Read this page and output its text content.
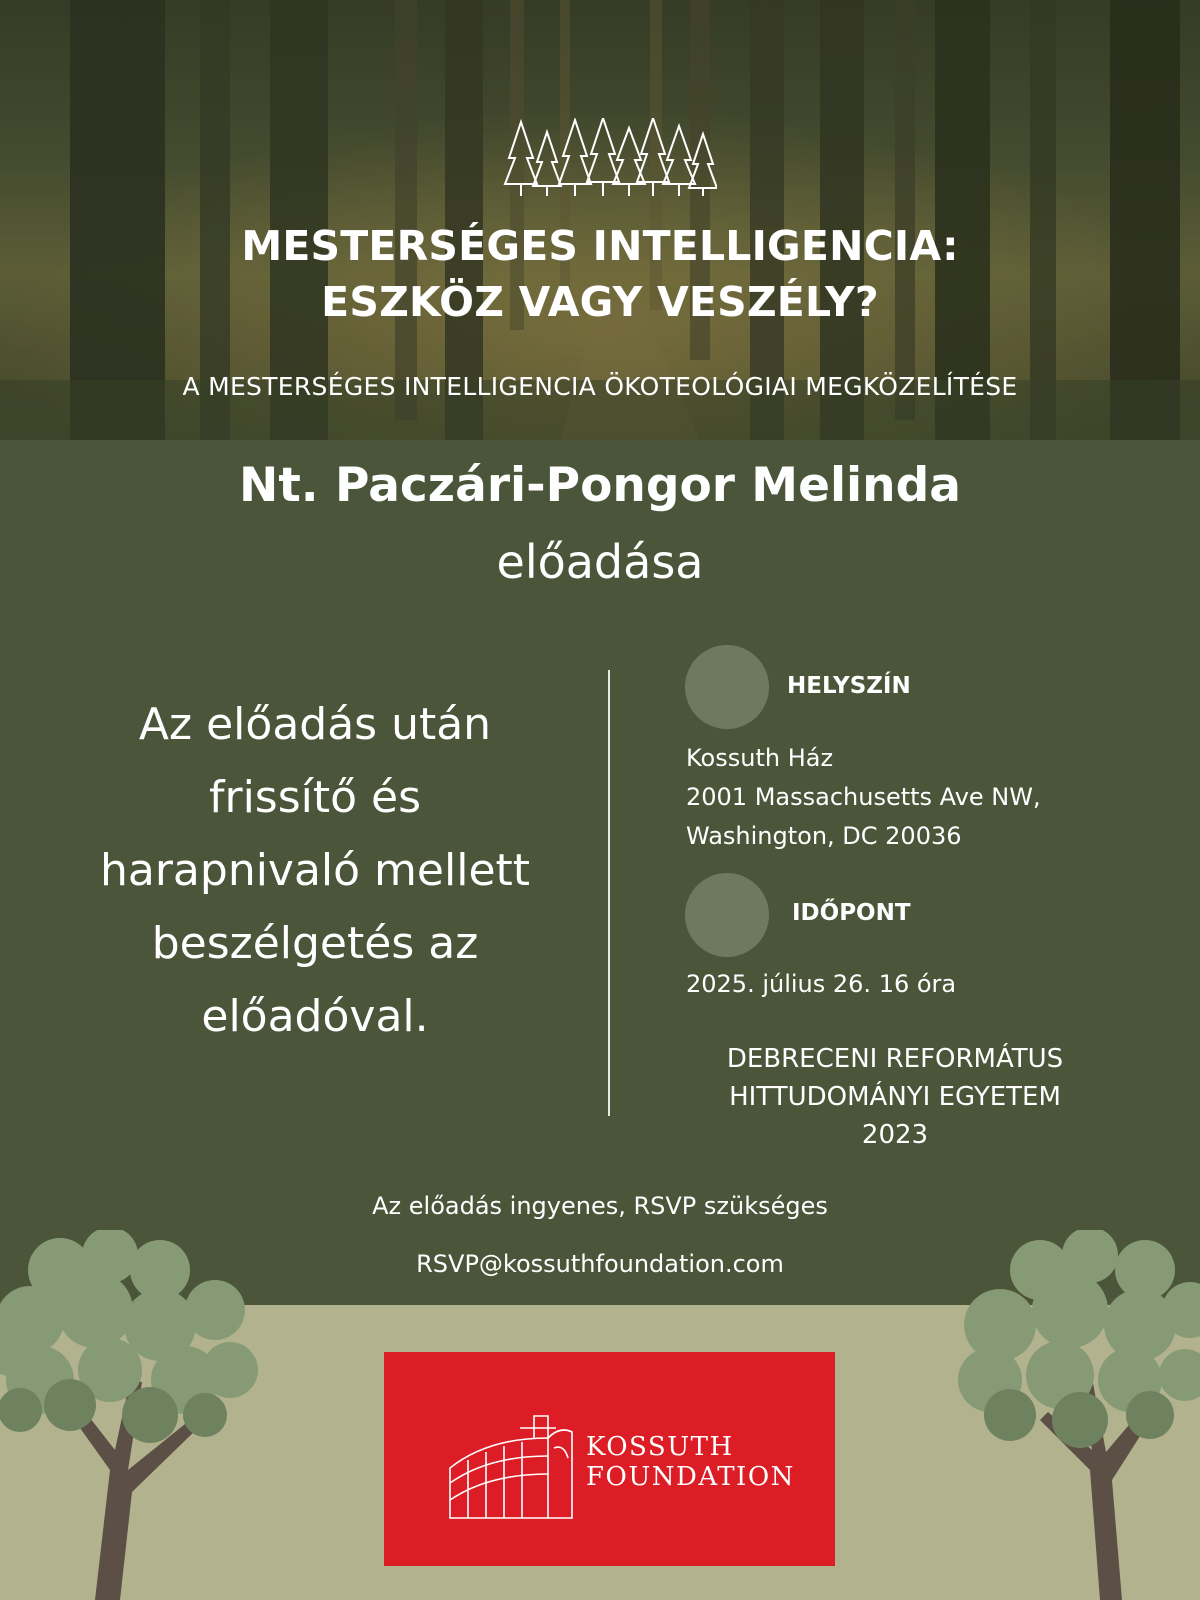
MESTERSÉGES INTELLIGENCIA:
ESZKÖZ VAGY VESZÉLY?
A MESTERSÉGES INTELLIGENCIA ÖKOTEOLÓGIAI MEGKÖZELÍTÉSE
Nt. Paczári-Pongor Melinda
előadása
Az előadás után
frissítő és
harapnivaló mellett
beszélgetés az
előadóval.
HELYSZÍN
Kossuth Ház
2001 Massachusetts Ave NW,
Washington, DC 20036
IDŐPONT
2025. július 26. 16 óra
DEBRECENI REFORMÁTUS
HITTUDOMÁNYI EGYETEM
2023
Az előadás ingyenes, RSVP szükséges
RSVP@kossuthfoundation.com
KOSSUTH
FOUNDATION
